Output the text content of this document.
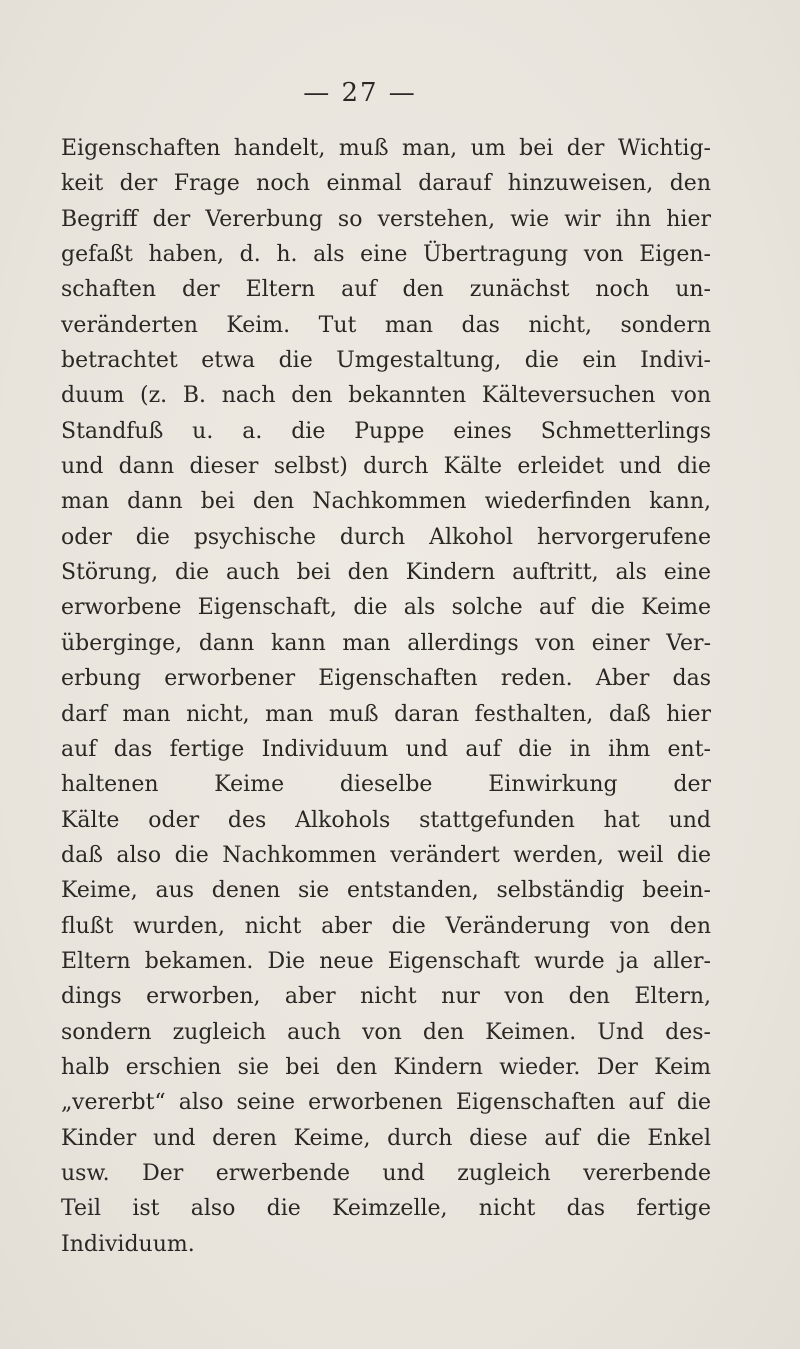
— 27 —
Eigenschaften handelt, muß man, um bei der Wichtig-
keit der Frage noch einmal darauf hinzuweisen, den
Begriff der Vererbung so verstehen, wie wir ihn hier
gefaßt haben, d. h. als eine Übertragung von Eigen-
schaften der Eltern auf den zunächst noch un-
veränderten Keim. Tut man das nicht, sondern
betrachtet etwa die Umgestaltung, die ein Indivi-
duum (z. B. nach den bekannten Kälteversuchen von
Standfuß u. a. die Puppe eines Schmetterlings
und dann dieser selbst) durch Kälte erleidet und die
man dann bei den Nachkommen wiederfinden kann,
oder die psychische durch Alkohol hervorgerufene
Störung, die auch bei den Kindern auftritt, als eine
erworbene Eigenschaft, die als solche auf die Keime
überginge, dann kann man allerdings von einer Ver-
erbung erworbener Eigenschaften reden. Aber das
darf man nicht, man muß daran festhalten, daß hier
auf das fertige Individuum und auf die in ihm ent-
haltenen Keime dieselbe Einwirkung der
Kälte oder des Alkohols stattgefunden hat und
daß also die Nachkommen verändert werden, weil die
Keime, aus denen sie entstanden, selbständig beein-
flußt wurden, nicht aber die Veränderung von den
Eltern bekamen. Die neue Eigenschaft wurde ja aller-
dings erworben, aber nicht nur von den Eltern,
sondern zugleich auch von den Keimen. Und des-
halb erschien sie bei den Kindern wieder. Der Keim
„vererbt“ also seine erworbenen Eigenschaften auf die
Kinder und deren Keime, durch diese auf die Enkel
usw. Der erwerbende und zugleich vererbende
Teil ist also die Keimzelle, nicht das fertige
Individuum.
